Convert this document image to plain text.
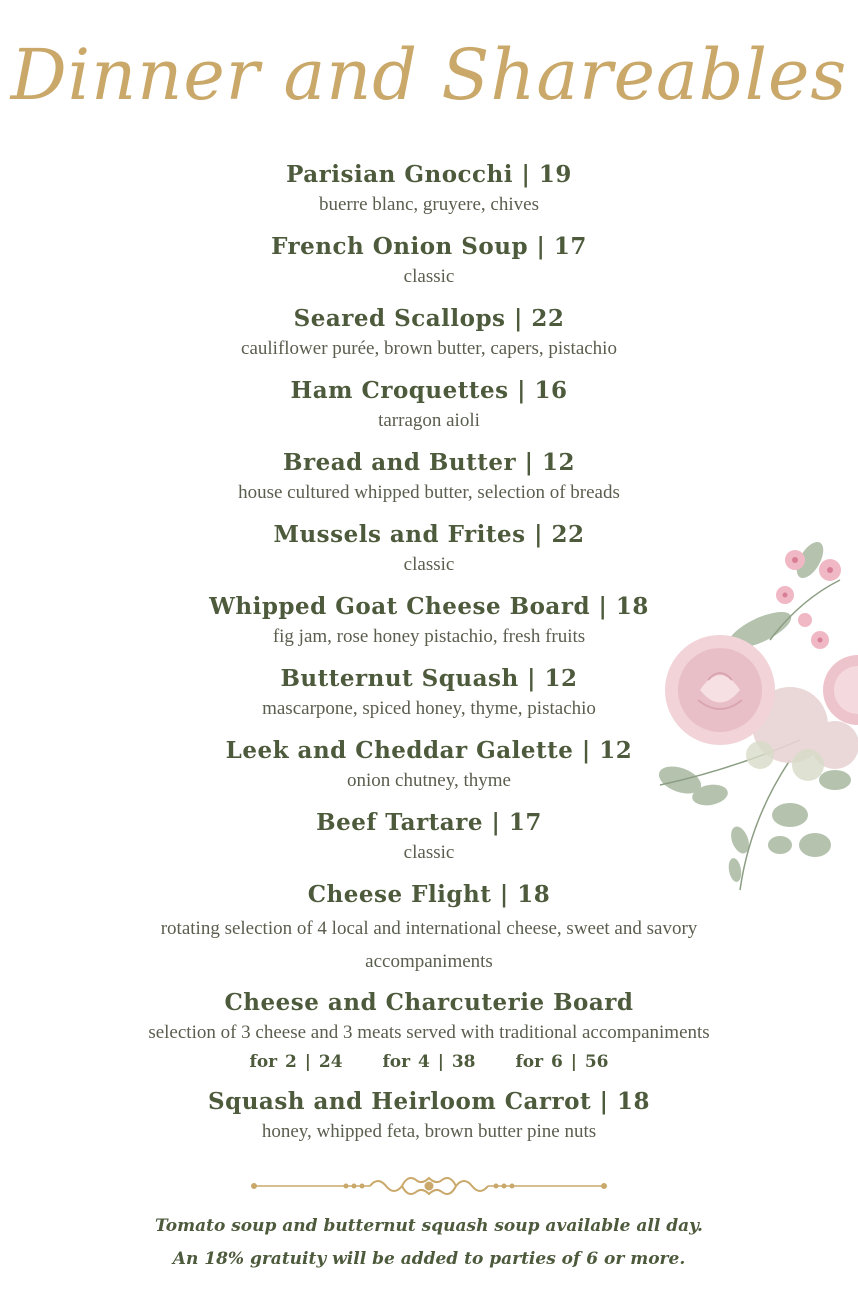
Dinner and Shareables
Parisian Gnocchi | 19
buerre blanc, gruyere, chives
French Onion Soup | 17
classic
Seared Scallops | 22
cauliflower purée, brown butter, capers, pistachio
Ham Croquettes | 16
tarragon aioli
Bread and Butter | 12
house cultured whipped butter, selection of breads
Mussels and Frites | 22
classic
Whipped Goat Cheese Board | 18
fig jam, rose honey pistachio, fresh fruits
Butternut Squash | 12
mascarpone, spiced honey, thyme, pistachio
Leek and Cheddar Galette | 12
onion chutney, thyme
Beef Tartare | 17
classic
Cheese Flight | 18
rotating selection of 4 local and international cheese, sweet and savory accompaniments
Cheese and Charcuterie Board
selection of 3 cheese and 3 meats served with traditional accompaniments
for 2 | 24 for 4 | 38 for 6 | 56
Squash and Heirloom Carrot | 18
honey, whipped feta, brown butter pine nuts
Tomato soup and butternut squash soup available all day.
An 18% gratuity will be added to parties of 6 or more.
